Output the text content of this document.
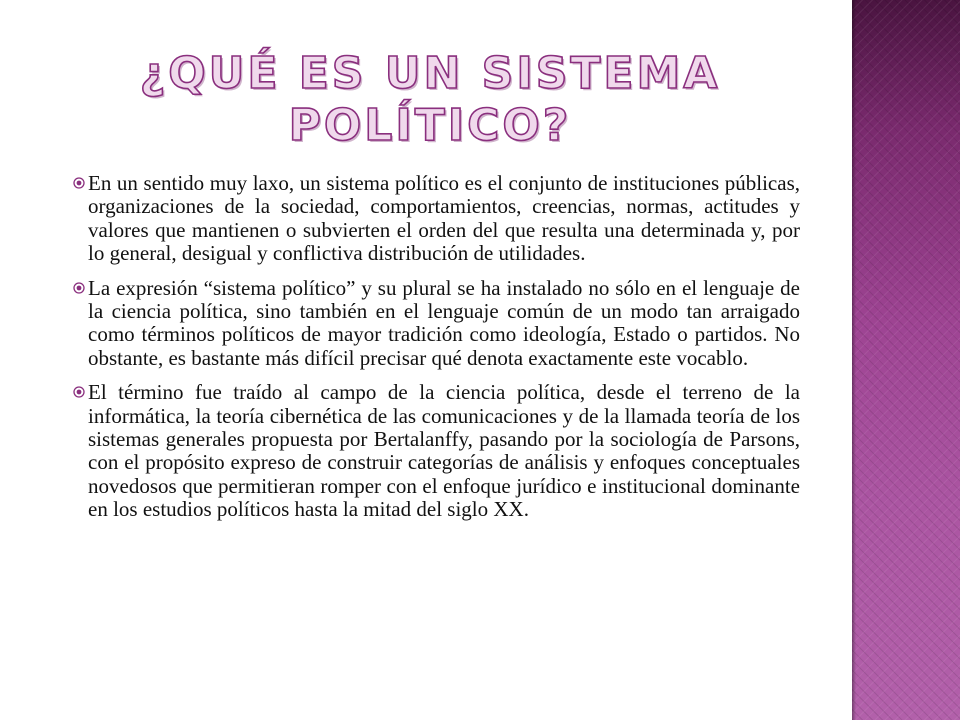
¿QUÉ ES UN SISTEMA
POLÍTICO?
En un sentido muy laxo, un sistema político es el conjunto de instituciones públicas, organizaciones de la sociedad, comportamientos, creencias, normas, actitudes y valores que mantienen o subvierten el orden del que resulta una determinada y, por lo general, desigual y conflictiva distribución de utilidades.
La expresión “sistema político” y su plural se ha instalado no sólo en el lenguaje de la ciencia política, sino también en el lenguaje común de un modo tan arraigado como términos políticos de mayor tradición como ideología, Estado o partidos. No obstante, es bastante más difícil precisar qué denota exactamente este vocablo.
El término fue traído al campo de la ciencia política, desde el terreno de la informática, la teoría cibernética de las comunicaciones y de la llamada teoría de los sistemas generales propuesta por Bertalanffy, pasando por la sociología de Parsons, con el propósito expreso de construir categorías de análisis y enfoques conceptuales novedosos que permitieran romper con el enfoque jurídico e institucional dominante en los estudios políticos hasta la mitad del siglo XX.
